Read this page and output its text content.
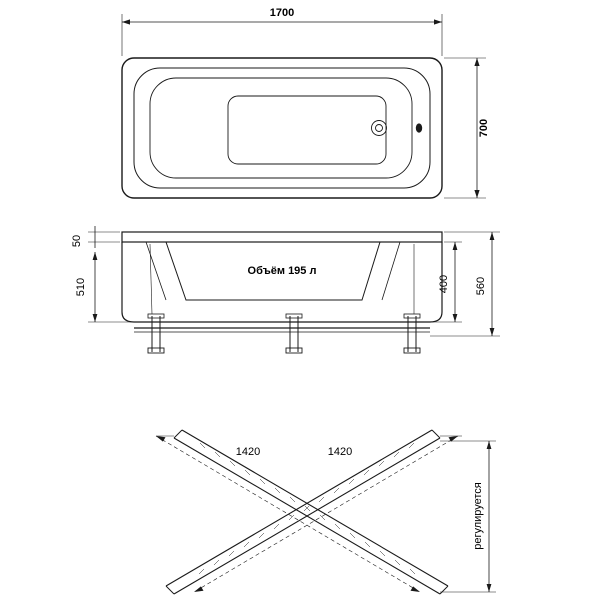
1700
700
Объём 195 л
50
510	400 560
1420	1420
регулируется
